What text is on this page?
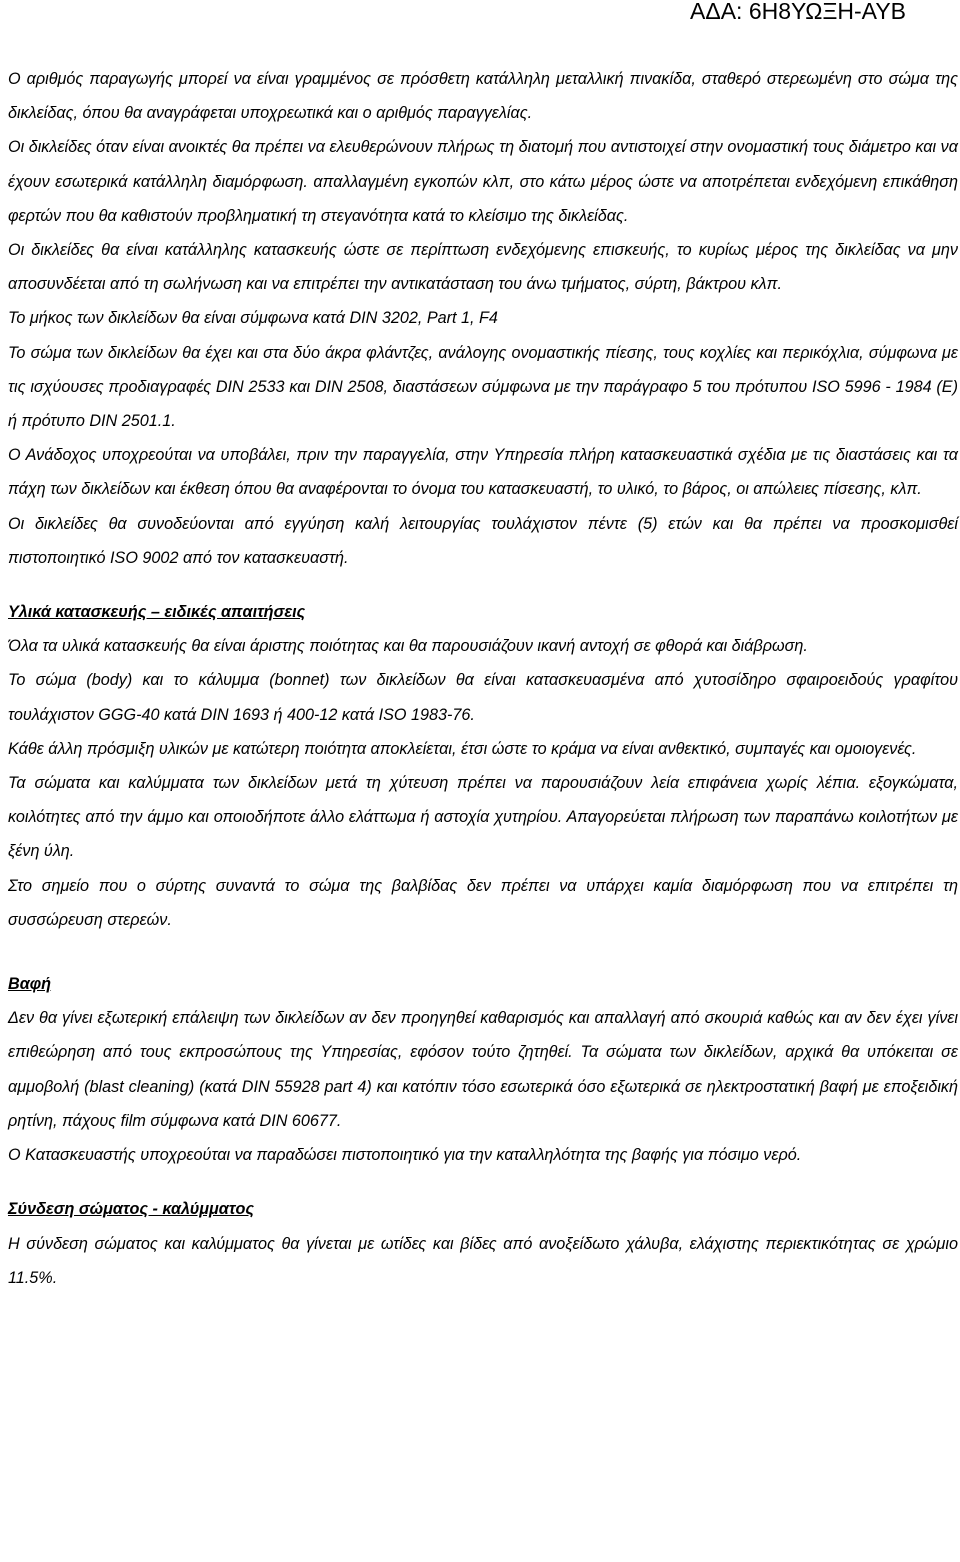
ΑΔΑ: 6Η8ΥΩΞΗ-ΑΥΒ

Ο αριθμός παραγωγής μπορεί να είναι γραμμένος σε πρόσθετη κατάλληλη μεταλλική πινακίδα, σταθερό στερεωμένη στο σώμα της δικλείδας, όπου θα αναγράφεται υποχρεωτικά και ο αριθμός παραγγελίας.

Οι δικλείδες όταν είναι ανοικτές θα πρέπει να ελευθερώνουν πλήρως τη διατομή που αντιστοιχεί στην ονομαστική τους διάμετρο και να έχουν εσωτερικά κατάλληλη διαμόρφωση. απαλλαγμένη εγκοπών κλπ, στο κάτω μέρος ώστε να αποτρέπεται ενδεχόμενη επικάθηση φερτών που θα καθιστούν προβληματική τη στεγανότητα κατά το κλείσιμο της δικλείδας.

Οι δικλείδες θα είναι κατάλληλης κατασκευής ώστε σε περίπτωση ενδεχόμενης επισκευής, το κυρίως μέρος της δικλείδας να μην αποσυνδέεται από τη σωλήνωση και να επιτρέπει την αντικατάσταση του άνω τμήματος, σύρτη, βάκτρου κλπ.

Το μήκος των δικλείδων θα είναι σύμφωνα κατά DIN 3202, Part 1, F4

Το σώμα των δικλείδων θα έχει και στα δύο άκρα φλάντζες, ανάλογης ονομαστικής πίεσης, τους κοχλίες και περικόχλια, σύμφωνα με τις ισχύουσες προδιαγραφές DIN 2533 και DIN 2508, διαστάσεων σύμφωνα με την παράγραφο 5 του πρότυπου ISO 5996 - 1984 (E) ή πρότυπο DIN 2501.1.

Ο Ανάδοχος υποχρεούται να υποβάλει, πριν την παραγγελία, στην Υπηρεσία πλήρη κατασκευαστικά σχέδια με τις διαστάσεις και τα πάχη των δικλείδων και έκθεση όπου θα αναφέρονται το όνομα του κατασκευαστή, το υλικό, το βάρος, οι απώλειες πίσεσης, κλπ.

Οι δικλείδες θα συνοδεύονται από εγγύηση καλή λειτουργίας τουλάχιστον πέντε (5) ετών και θα πρέπει να προσκομισθεί πιστοποιητικό ISO 9002 από τον κατασκευαστή.

Υλικά κατασκευής – ειδικές απαιτήσεις

Όλα τα υλικά κατασκευής θα είναι άριστης ποιότητας και θα παρουσιάζουν ικανή αντοχή σε φθορά και διάβρωση.

Το σώμα (body) και το κάλυμμα (bonnet) των δικλείδων θα είναι κατασκευασμένα από χυτοσίδηρο σφαιροειδούς γραφίτου τουλάχιστον GGG-40 κατά DIN 1693 ή 400-12 κατά ISO 1983-76.

Κάθε άλλη πρόσμιξη υλικών με κατώτερη ποιότητα αποκλείεται, έτσι ώστε το κράμα να είναι ανθεκτικό, συμπαγές και ομοιογενές.

Τα σώματα και καλύμματα των δικλείδων μετά τη χύτευση πρέπει να παρουσιάζουν λεία επιφάνεια χωρίς λέπια. εξογκώματα, κοιλότητες από την άμμο και οποιοδήποτε άλλο ελάττωμα ή αστοχία χυτηρίου. Απαγορεύεται πλήρωση των παραπάνω κοιλοτήτων με ξένη ύλη.

Στο σημείο που ο σύρτης συναντά το σώμα της βαλβίδας δεν πρέπει να υπάρχει καμία διαμόρφωση που να επιτρέπει τη συσσώρευση στερεών.

Βαφή

Δεν θα γίνει εξωτερική επάλειψη των δικλείδων αν δεν προηγηθεί καθαρισμός και απαλλαγή από σκουριά καθώς και αν δεν έχει γίνει επιθεώρηση από τους εκπροσώπους της Υπηρεσίας, εφόσον τούτο ζητηθεί. Τα σώματα των δικλείδων, αρχικά θα υπόκειται σε αμμοβολή (blast cleaning) (κατά DIN 55928 part 4) και κατόπιν τόσο εσωτερικά όσο εξωτερικά σε ηλεκτροστατική βαφή με εποξειδική ρητίνη, πάχους film σύμφωνα κατά DIN 60677.

Ο Κατασκευαστής υποχρεούται να παραδώσει πιστοποιητικό για την καταλληλότητα της βαφής για πόσιμο νερό.

Σύνδεση σώματος - καλύμματος

Η σύνδεση σώματος και καλύμματος θα γίνεται με ωτίδες και βίδες από ανοξείδωτο χάλυβα, ελάχιστης περιεκτικότητας σε χρώμιο 11.5%.
